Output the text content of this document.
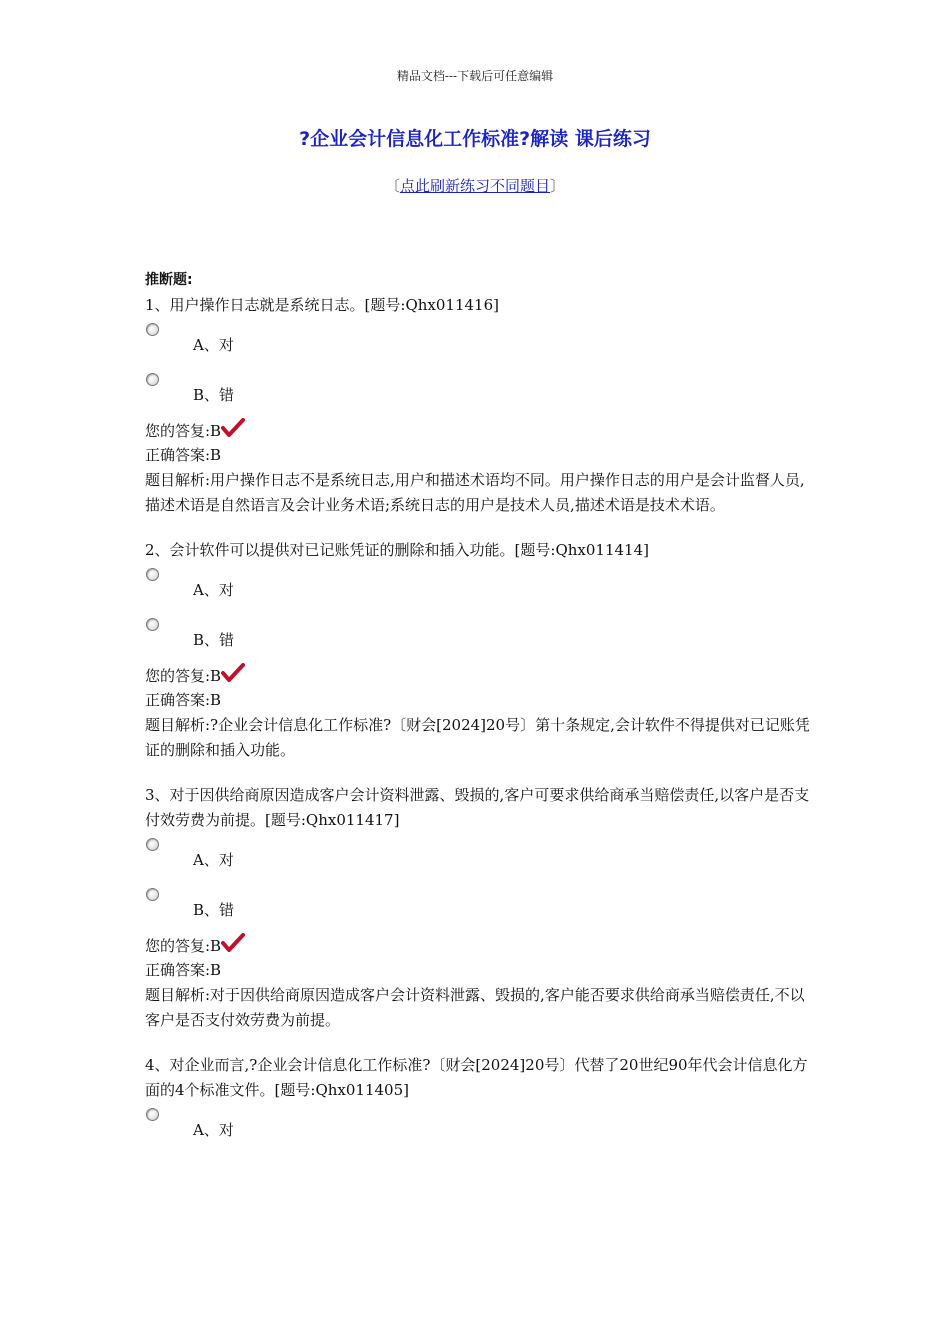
精品文档---下载后可任意编辑
?企业会计信息化工作标准?解读 课后练习
〔点此刷新练习不同题目〕
推断题:

1、用户操作日志就是系统日志。[题号:Qhx011416]

A、对
B、错
您的答复:B
正确答案:B

题目解析:用户操作日志不是系统日志,用户和描述术语均不同。用户操作日志的用户是会计监督人员,描述术语是自然语言及会计业务术语;系统日志的用户是技术人员,描述术语是技术术语。

2、会计软件可以提供对已记账凭证的删除和插入功能。[题号:Qhx011414]

A、对
B、错
您的答复:B
正确答案:B

题目解析:?企业会计信息化工作标准?〔财会[2024]20号〕第十条规定,会计软件不得提供对已记账凭证的删除和插入功能。

3、对于因供给商原因造成客户会计资料泄露、毁损的,客户可要求供给商承当赔偿责任,以客户是否支付效劳费为前提。[题号:Qhx011417]

A、对
B、错
您的答复:B
正确答案:B

题目解析:对于因供给商原因造成客户会计资料泄露、毁损的,客户能否要求供给商承当赔偿责任,不以客户是否支付效劳费为前提。

4、对企业而言,?企业会计信息化工作标准?〔财会[2024]20号〕代替了20世纪90年代会计信息化方面的4个标准文件。[题号:Qhx011405]

A、对
